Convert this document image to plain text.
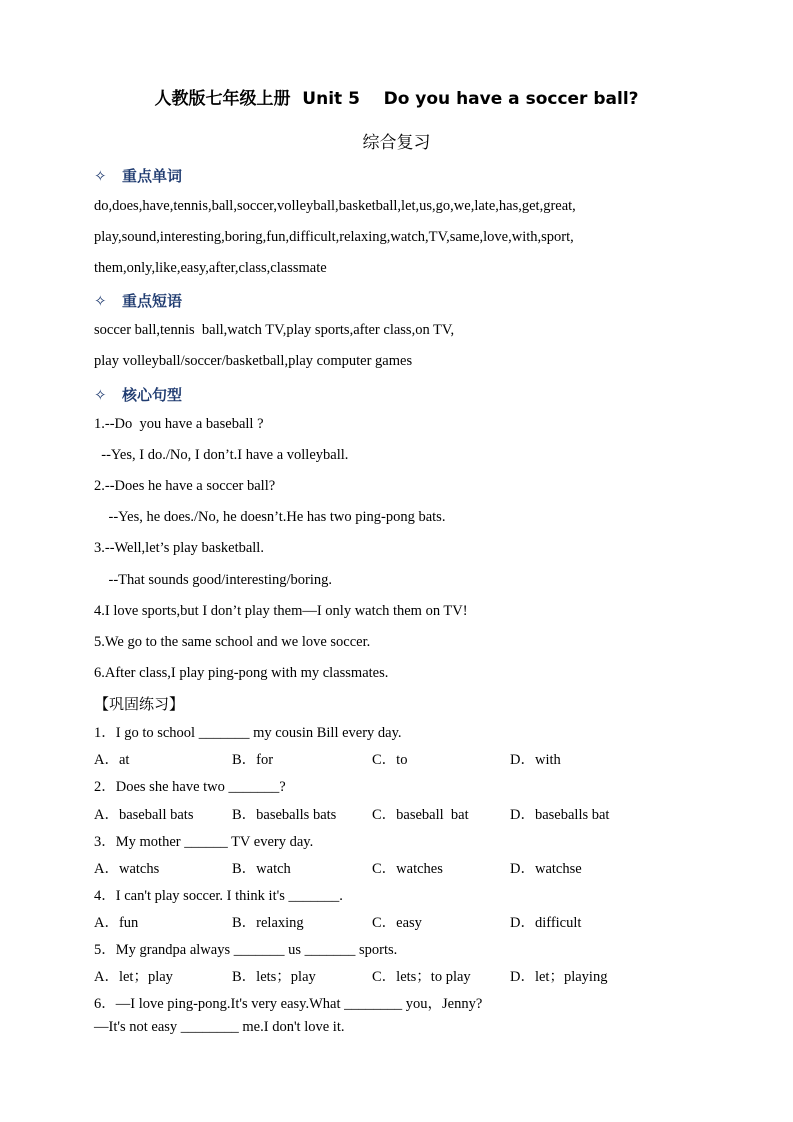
人教版七年级上册  Unit 5    Do you have a soccer ball?
综合复习
✧ 重点单词
do,does,have,tennis,ball,soccer,volleyball,basketball,let,us,go,we,late,has,get,great,
play,sound,interesting,boring,fun,difficult,relaxing,watch,TV,same,love,with,sport,
them,only,like,easy,after,class,classmate
✧ 重点短语
soccer ball,tennis  ball,watch TV,play sports,after class,on TV,
play volleyball/soccer/basketball,play computer games
✧ 核心句型
1.--Do  you have a baseball ?
--Yes, I do./No, I don’t.I have a volleyball.
2.--Does he have a soccer ball?
--Yes, he does./No, he doesn’t.He has two ping-pong bats.
3.--Well,let’s play basketball.
--That sounds good/interesting/boring.
4.I love sports,but I don’t play them—I only watch them on TV!
5.We go to the same school and we love soccer.
6.After class,I play ping-pong with my classmates.
【巩固练习】
1．I go to school _______ my cousin Bill every day.
A．at	B．for	C．to	D．with
2．Does she have two _______?
A．baseball bats	B．baseballs bats C．baseball  bat	D．baseballs bat
3．My mother ______ TV every day.
A．watchs	B．watch	C．watches	D．watchse
4．I can't play soccer. I think it's _______.
A．fun	B．relaxing	C．easy	D．difficult
5．My grandpa always _______ us _______ sports.
A．let；play	B．lets；play	C．lets；to play	D．let；playing
6．—I love ping-pong.It's very easy.What ________ you，Jenny?
—It's not easy ________ me.I don't love it.
